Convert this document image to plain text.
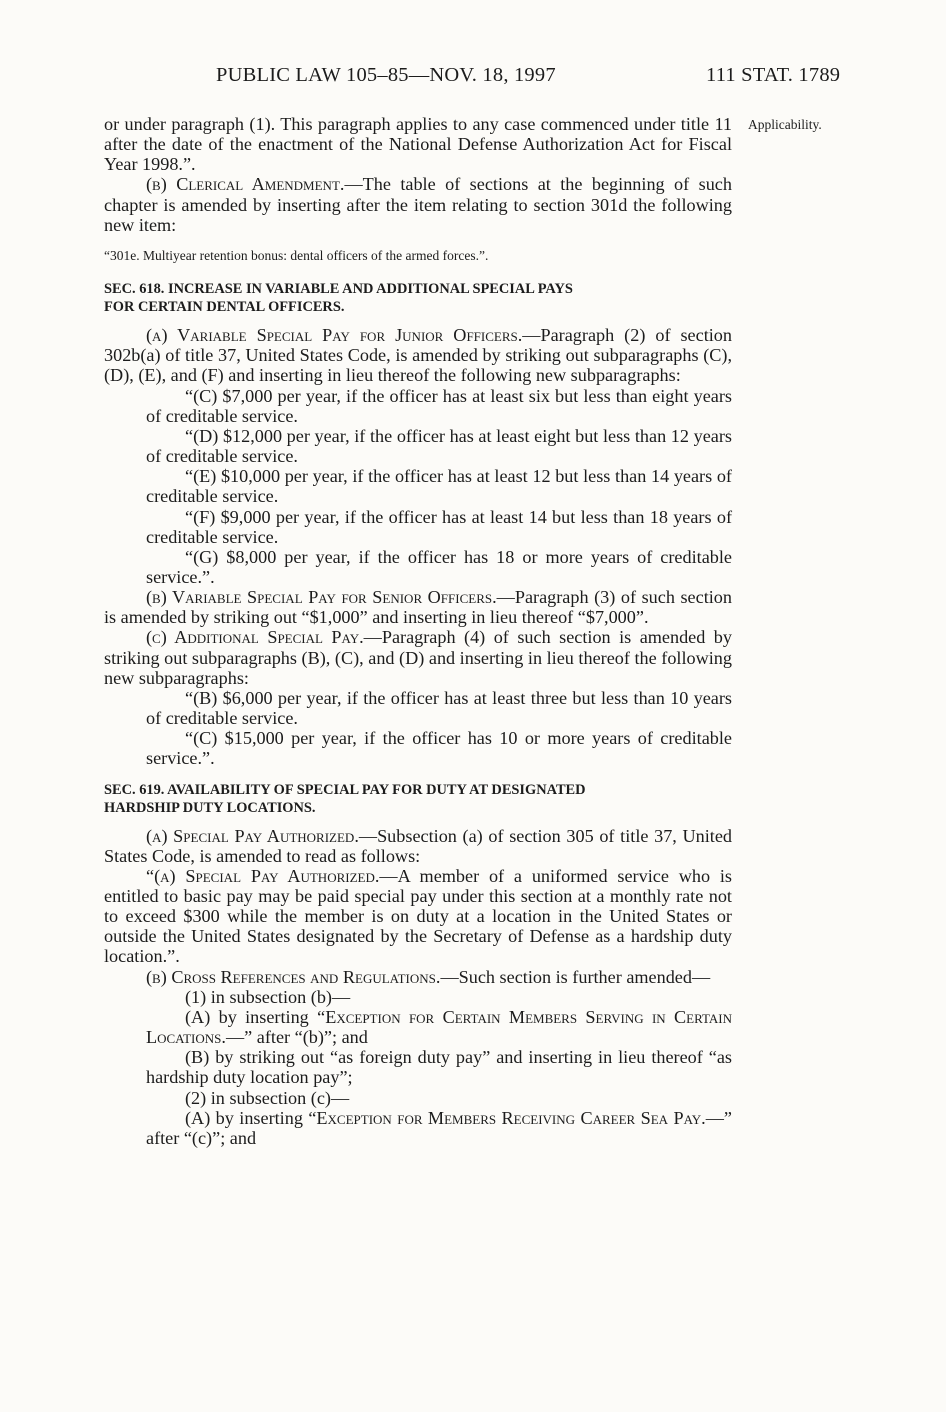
PUBLIC LAW 105–85—NOV. 18, 1997	111 STAT. 1789
Applicability.

or under paragraph (1). This paragraph applies to any case commenced under title 11 after the date of the enactment of the National Defense Authorization Act for Fiscal Year 1998.”.

(b) Clerical Amendment.—The table of sections at the beginning of such chapter is amended by inserting after the item relating to section 301d the following new item:

“301e. Multiyear retention bonus: dental officers of the armed forces.”.

SEC. 618. INCREASE IN VARIABLE AND ADDITIONAL SPECIAL PAYS
FOR CERTAIN DENTAL OFFICERS.

(a) Variable Special Pay for Junior Officers.—Paragraph (2) of section 302b(a) of title 37, United States Code, is amended by striking out subparagraphs (C), (D), (E), and (F) and inserting in lieu thereof the following new subparagraphs:

“(C) $7,000 per year, if the officer has at least six but less than eight years of creditable service.

“(D) $12,000 per year, if the officer has at least eight but less than 12 years of creditable service.

“(E) $10,000 per year, if the officer has at least 12 but less than 14 years of creditable service.

“(F) $9,000 per year, if the officer has at least 14 but less than 18 years of creditable service.

“(G) $8,000 per year, if the officer has 18 or more years of creditable service.”.

(b) Variable Special Pay for Senior Officers.—Paragraph (3) of such section is amended by striking out “$1,000” and inserting in lieu thereof “$7,000”.

(c) Additional Special Pay.—Paragraph (4) of such section is amended by striking out subparagraphs (B), (C), and (D) and inserting in lieu thereof the following new subparagraphs:

“(B) $6,000 per year, if the officer has at least three but less than 10 years of creditable service.

“(C) $15,000 per year, if the officer has 10 or more years of creditable service.”.

SEC. 619. AVAILABILITY OF SPECIAL PAY FOR DUTY AT DESIGNATED
HARDSHIP DUTY LOCATIONS.

(a) Special Pay Authorized.—Subsection (a) of section 305 of title 37, United States Code, is amended to read as follows:

“(a) Special Pay Authorized.—A member of a uniformed service who is entitled to basic pay may be paid special pay under this section at a monthly rate not to exceed $300 while the member is on duty at a location in the United States or outside the United States designated by the Secretary of Defense as a hardship duty location.”.

(b) Cross References and Regulations.—Such section is further amended—

(1) in subsection (b)—

(A) by inserting “Exception for Certain Members Serving in Certain Locations.—” after “(b)”; and

(B) by striking out “as foreign duty pay” and inserting in lieu thereof “as hardship duty location pay”;

(2) in subsection (c)—

(A) by inserting “Exception for Members Receiving Career Sea Pay.—” after “(c)”; and
